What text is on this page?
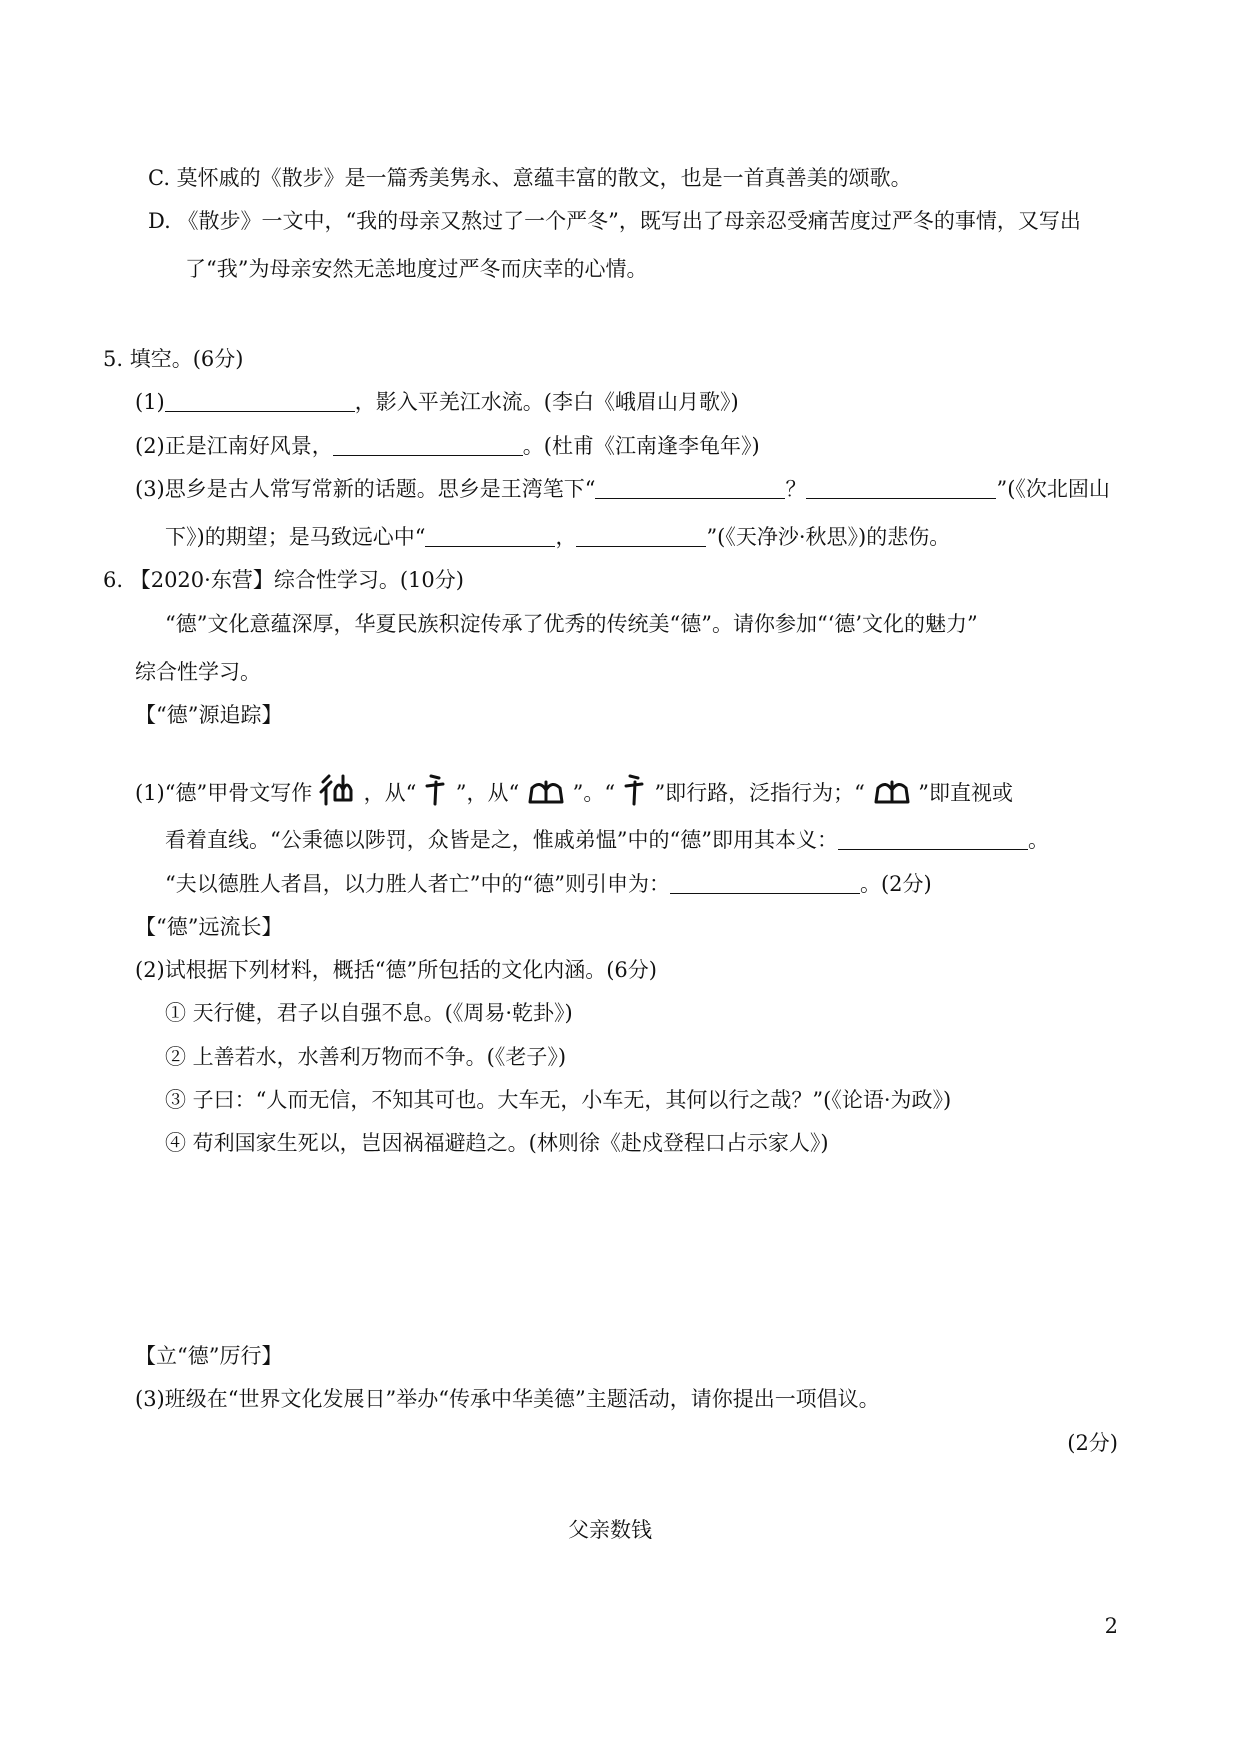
C. 莫怀戚的《散步》是一篇秀美隽永、意蕴丰富的散文，也是一首真善美的颂歌。
D. 《散步》一文中，“我的母亲又熬过了一个严冬”，既写出了母亲忍受痛苦度过严冬的事情，又写出
了“我”为母亲安然无恙地度过严冬而庆幸的心情。
5. 填空。(6分)
(1)	，影入平羌江水流。(李白《峨眉山月歌》)
(2)正是江南好风景，	。(杜甫《江南逢李龟年》)
(3)思乡是古人常写常新的话题。思乡是王湾笔下“	？	”(《次北固山
下》)的期望；是马致远心中“	，	”(《天净沙·秋思》)的悲伤。
6. 【2020·东营】综合性学习。(10分)
“德”文化意蕴深厚，华夏民族积淀传承了优秀的传统美“德”。请你参加“‘德’文化的魅力”
综合性学习。
【“德”源追踪】
(1)“德”甲骨文写作 ，从“ ”，从“	”。“ ”即行路，泛指行为；“	”即直视或
看着直线。“公秉德以陟罚，众皆是之，惟戚弟愠”中的“德”即用其本义：	。
“夫以德胜人者昌，以力胜人者亡”中的“德”则引申为：	。(2分)
【“德”远流长】
(2)试根据下列材料，概括“德”所包括的文化内涵。(6分)
① 天行健，君子以自强不息。(《周易·乾卦》)
② 上善若水，水善利万物而不争。(《老子》)
③ 子曰：“人而无信，不知其可也。大车无，小车无，其何以行之哉？”(《论语·为政》)
④ 苟利国家生死以，岂因祸福避趋之。(林则徐《赴戍登程口占示家人》)
【立“德”厉行】
(3)班级在“世界文化发展日”举办“传承中华美德”主题活动，请你提出一项倡议。
(2分)
父亲数钱
2
